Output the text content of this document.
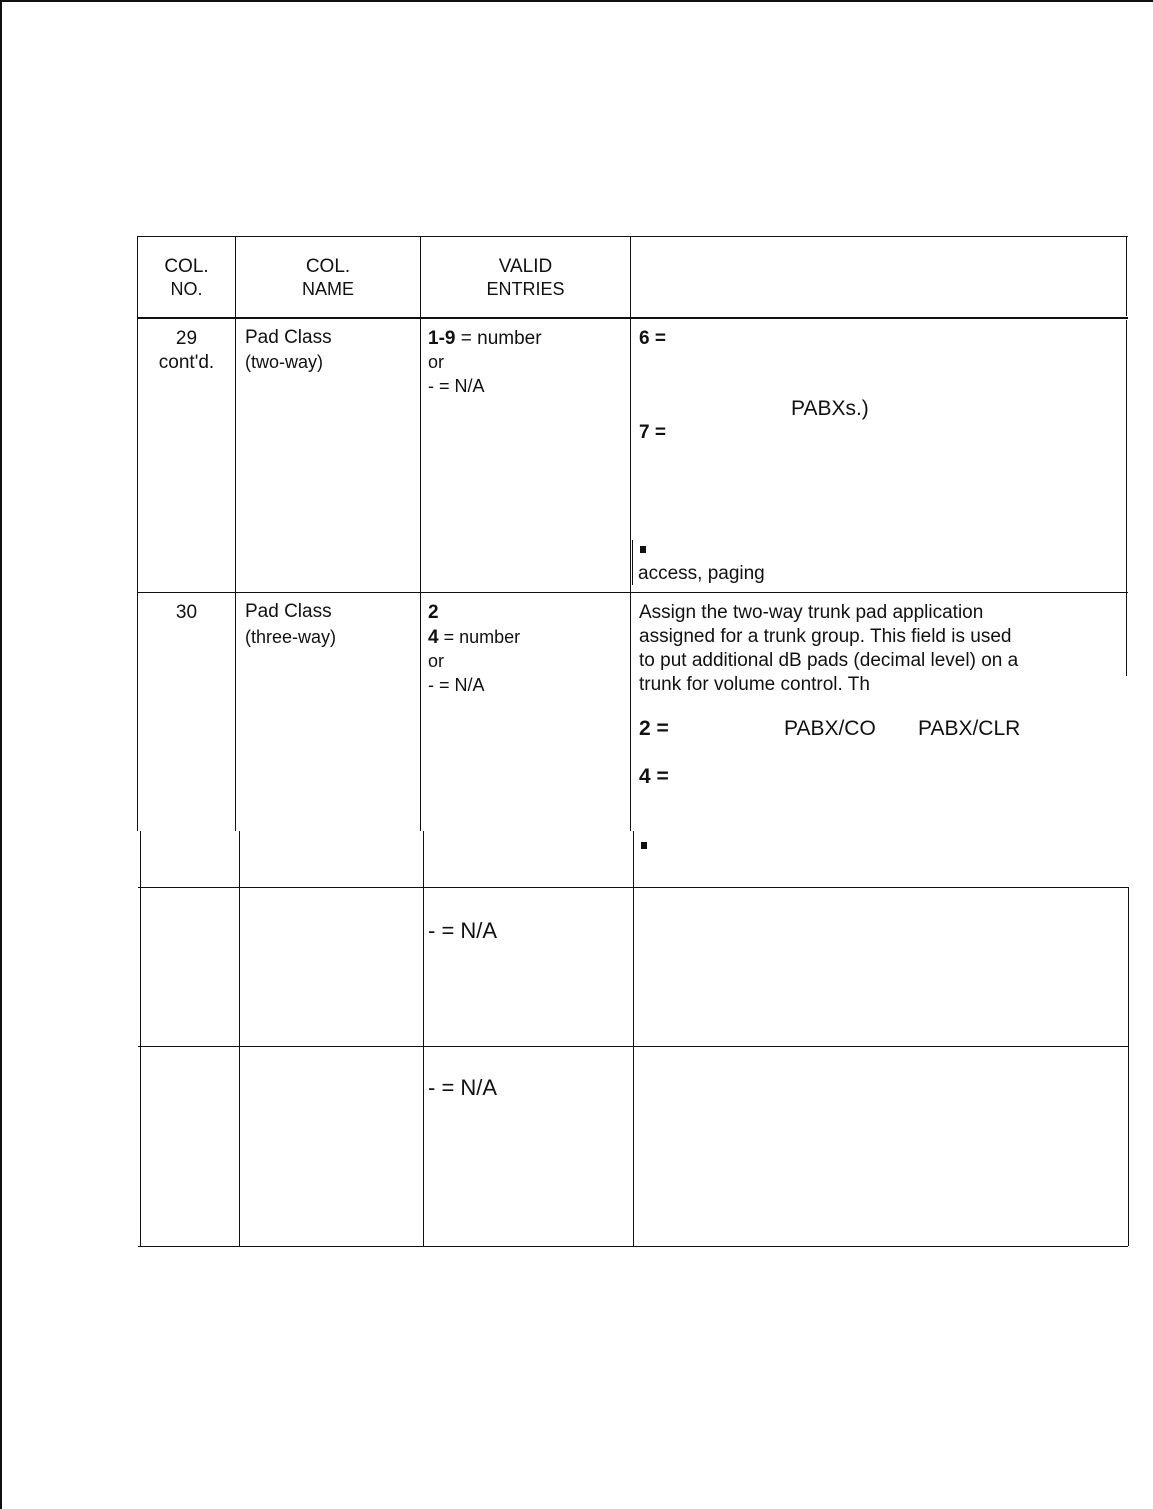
COL.
NO.
COL.
NAME
VALID
ENTRIES
29
cont'd.
Pad Class
(two-way)
1-9 = number
or
- = N/A
6 =
PABXs.)
7 =
access, paging
30	Pad Class
(three-way)
2
4 = number
or
- = N/A
Assign the two-way trunk pad application
assigned for a trunk group. This field is used
to put additional dB pads (decimal level) on a
trunk for volume control. Th
2 =	PABX/CO PABX/CLR
4 =
- = N/A
- = N/A
